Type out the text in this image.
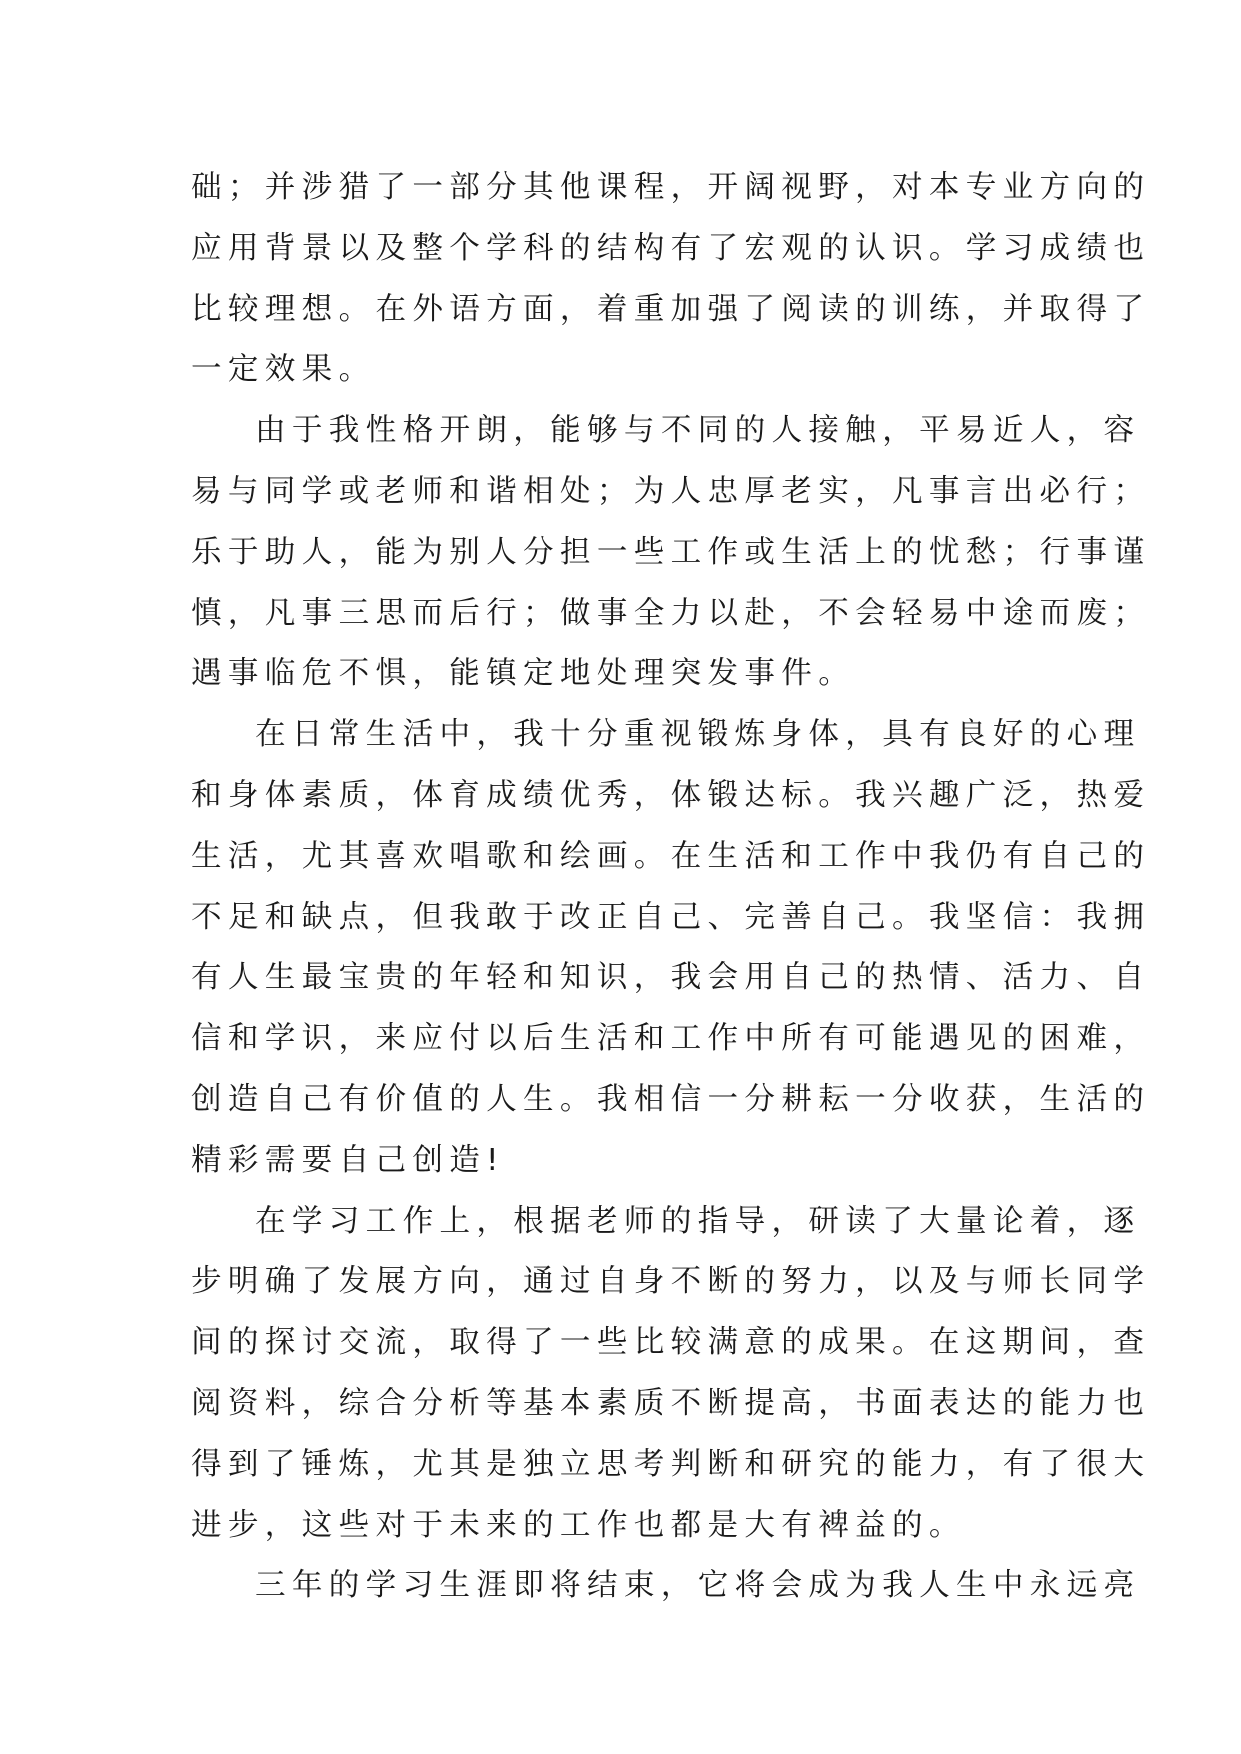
础；并涉猎了一部分其他课程，开阔视野，对本专业方向的
应用背景以及整个学科的结构有了宏观的认识。学习成绩也
比较理想。在外语方面，着重加强了阅读的训练，并取得了
一定效果。
由于我性格开朗，能够与不同的人接触，平易近人，容
易与同学或老师和谐相处；为人忠厚老实，凡事言出必行；
乐于助人，能为别人分担一些工作或生活上的忧愁；行事谨
慎，凡事三思而后行；做事全力以赴，不会轻易中途而废；
遇事临危不惧，能镇定地处理突发事件。
在日常生活中，我十分重视锻炼身体，具有良好的心理
和身体素质，体育成绩优秀，体锻达标。我兴趣广泛，热爱
生活，尤其喜欢唱歌和绘画。在生活和工作中我仍有自己的
不足和缺点，但我敢于改正自己、完善自己。我坚信：我拥
有人生最宝贵的年轻和知识，我会用自己的热情、活力、自
信和学识，来应付以后生活和工作中所有可能遇见的困难，
创造自己有价值的人生。我相信一分耕耘一分收获，生活的
精彩需要自己创造!
在学习工作上，根据老师的指导，研读了大量论着，逐
步明确了发展方向，通过自身不断的努力，以及与师长同学
间的探讨交流，取得了一些比较满意的成果。在这期间，查
阅资料，综合分析等基本素质不断提高，书面表达的能力也
得到了锤炼，尤其是独立思考判断和研究的能力，有了很大
进步，这些对于未来的工作也都是大有裨益的。
三年的学习生涯即将结束，它将会成为我人生中永远亮
